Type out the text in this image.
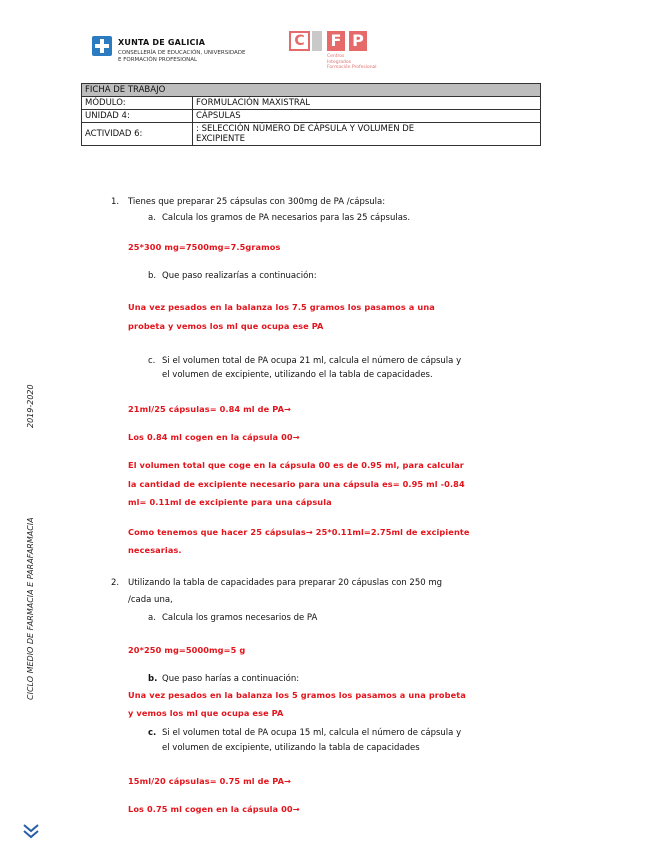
XUNTA DE GALICIA
CONSELLERÍA DE EDUCACIÓN, UNIVERSIDADE
E FORMACIÓN PROFESIONAL
C I F P
Centros
Integrados
Formación Profesional
FICHA DE TRABAJO	
MÓDULO:	FORMULACIÓN MAXISTRAL
UNIDAD 4:	CÁPSULAS
ACTIVIDAD 6:	: SELECCIÓN NÚMERO DE CÁPSULA Y VOLUMEN DE
EXCIPIENTE
2019-2020
CICLO MEDIO DE FARMACIA E PARAFARMACIA
1. Tienes que preparar 25 cápsulas con 300mg de PA /cápsula:
a. Calcula los gramos de PA necesarios para las 25 cápsulas.
25*300 mg=7500mg=7.5gramos
b. Que paso realizarías a continuación:
Una vez pesados en la balanza los 7.5 gramos los pasamos a una
probeta y vemos los ml que ocupa ese PA
c. Si el volumen total de PA ocupa 21 ml, calcula el número de cápsula y
el volumen de excipiente, utilizando el la tabla de capacidades.
21ml/25 cápsulas= 0.84 ml de PA→
Los 0.84 ml cogen en la cápsula 00→
El volumen total que coge en la cápsula 00 es de 0.95 ml, para calcular
la cantidad de excipiente necesario para una cápsula es= 0.95 ml -0.84
ml= 0.11ml de excipiente para una cápsula
Como tenemos que hacer 25 cápsulas→ 25*0.11ml=2.75ml de excipiente
necesarias.
2. Utilizando la tabla de capacidades para preparar 20 cápuslas con 250 mg
/cada una,
a. Calcula los gramos necesarios de PA
20*250 mg=5000mg=5 g
b. Que paso harías a continuación:
Una vez pesados en la balanza los 5 gramos los pasamos a una probeta
y vemos los ml que ocupa ese PA
c. Si el volumen total de PA ocupa 15 ml, calcula el número de cápsula y
el volumen de excipiente, utilizando la tabla de capacidades
15ml/20 cápsulas= 0.75 ml de PA→
Los 0.75 ml cogen en la cápsula 00→
